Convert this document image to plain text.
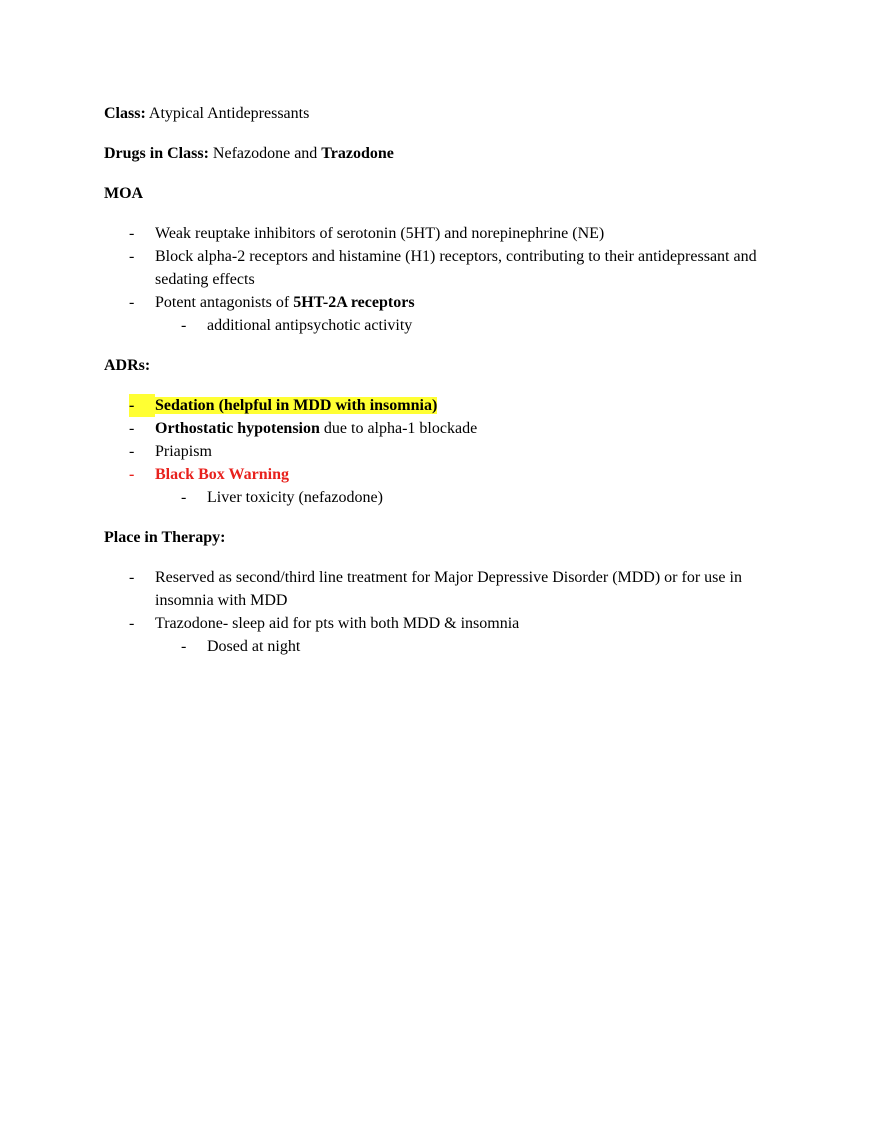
Class: Atypical Antidepressants

Drugs in Class: Nefazodone and Trazodone

MOA

- Weak reuptake inhibitors of serotonin (5HT) and norepinephrine (NE)
- Block alpha-2 receptors and histamine (H1) receptors, contributing to their antidepressant and sedating effects
- Potent antagonists of 5HT-2A receptors
- additional antipsychotic activity

ADRs:

-	Sedation (helpful in MDD with insomnia)
- Orthostatic hypotension due to alpha-1 blockade
- Priapism
- Black Box Warning
- Liver toxicity (nefazodone)

Place in Therapy:

- Reserved as second/third line treatment for Major Depressive Disorder (MDD) or for use in insomnia with MDD
- Trazodone- sleep aid for pts with both MDD & insomnia
- Dosed at night
